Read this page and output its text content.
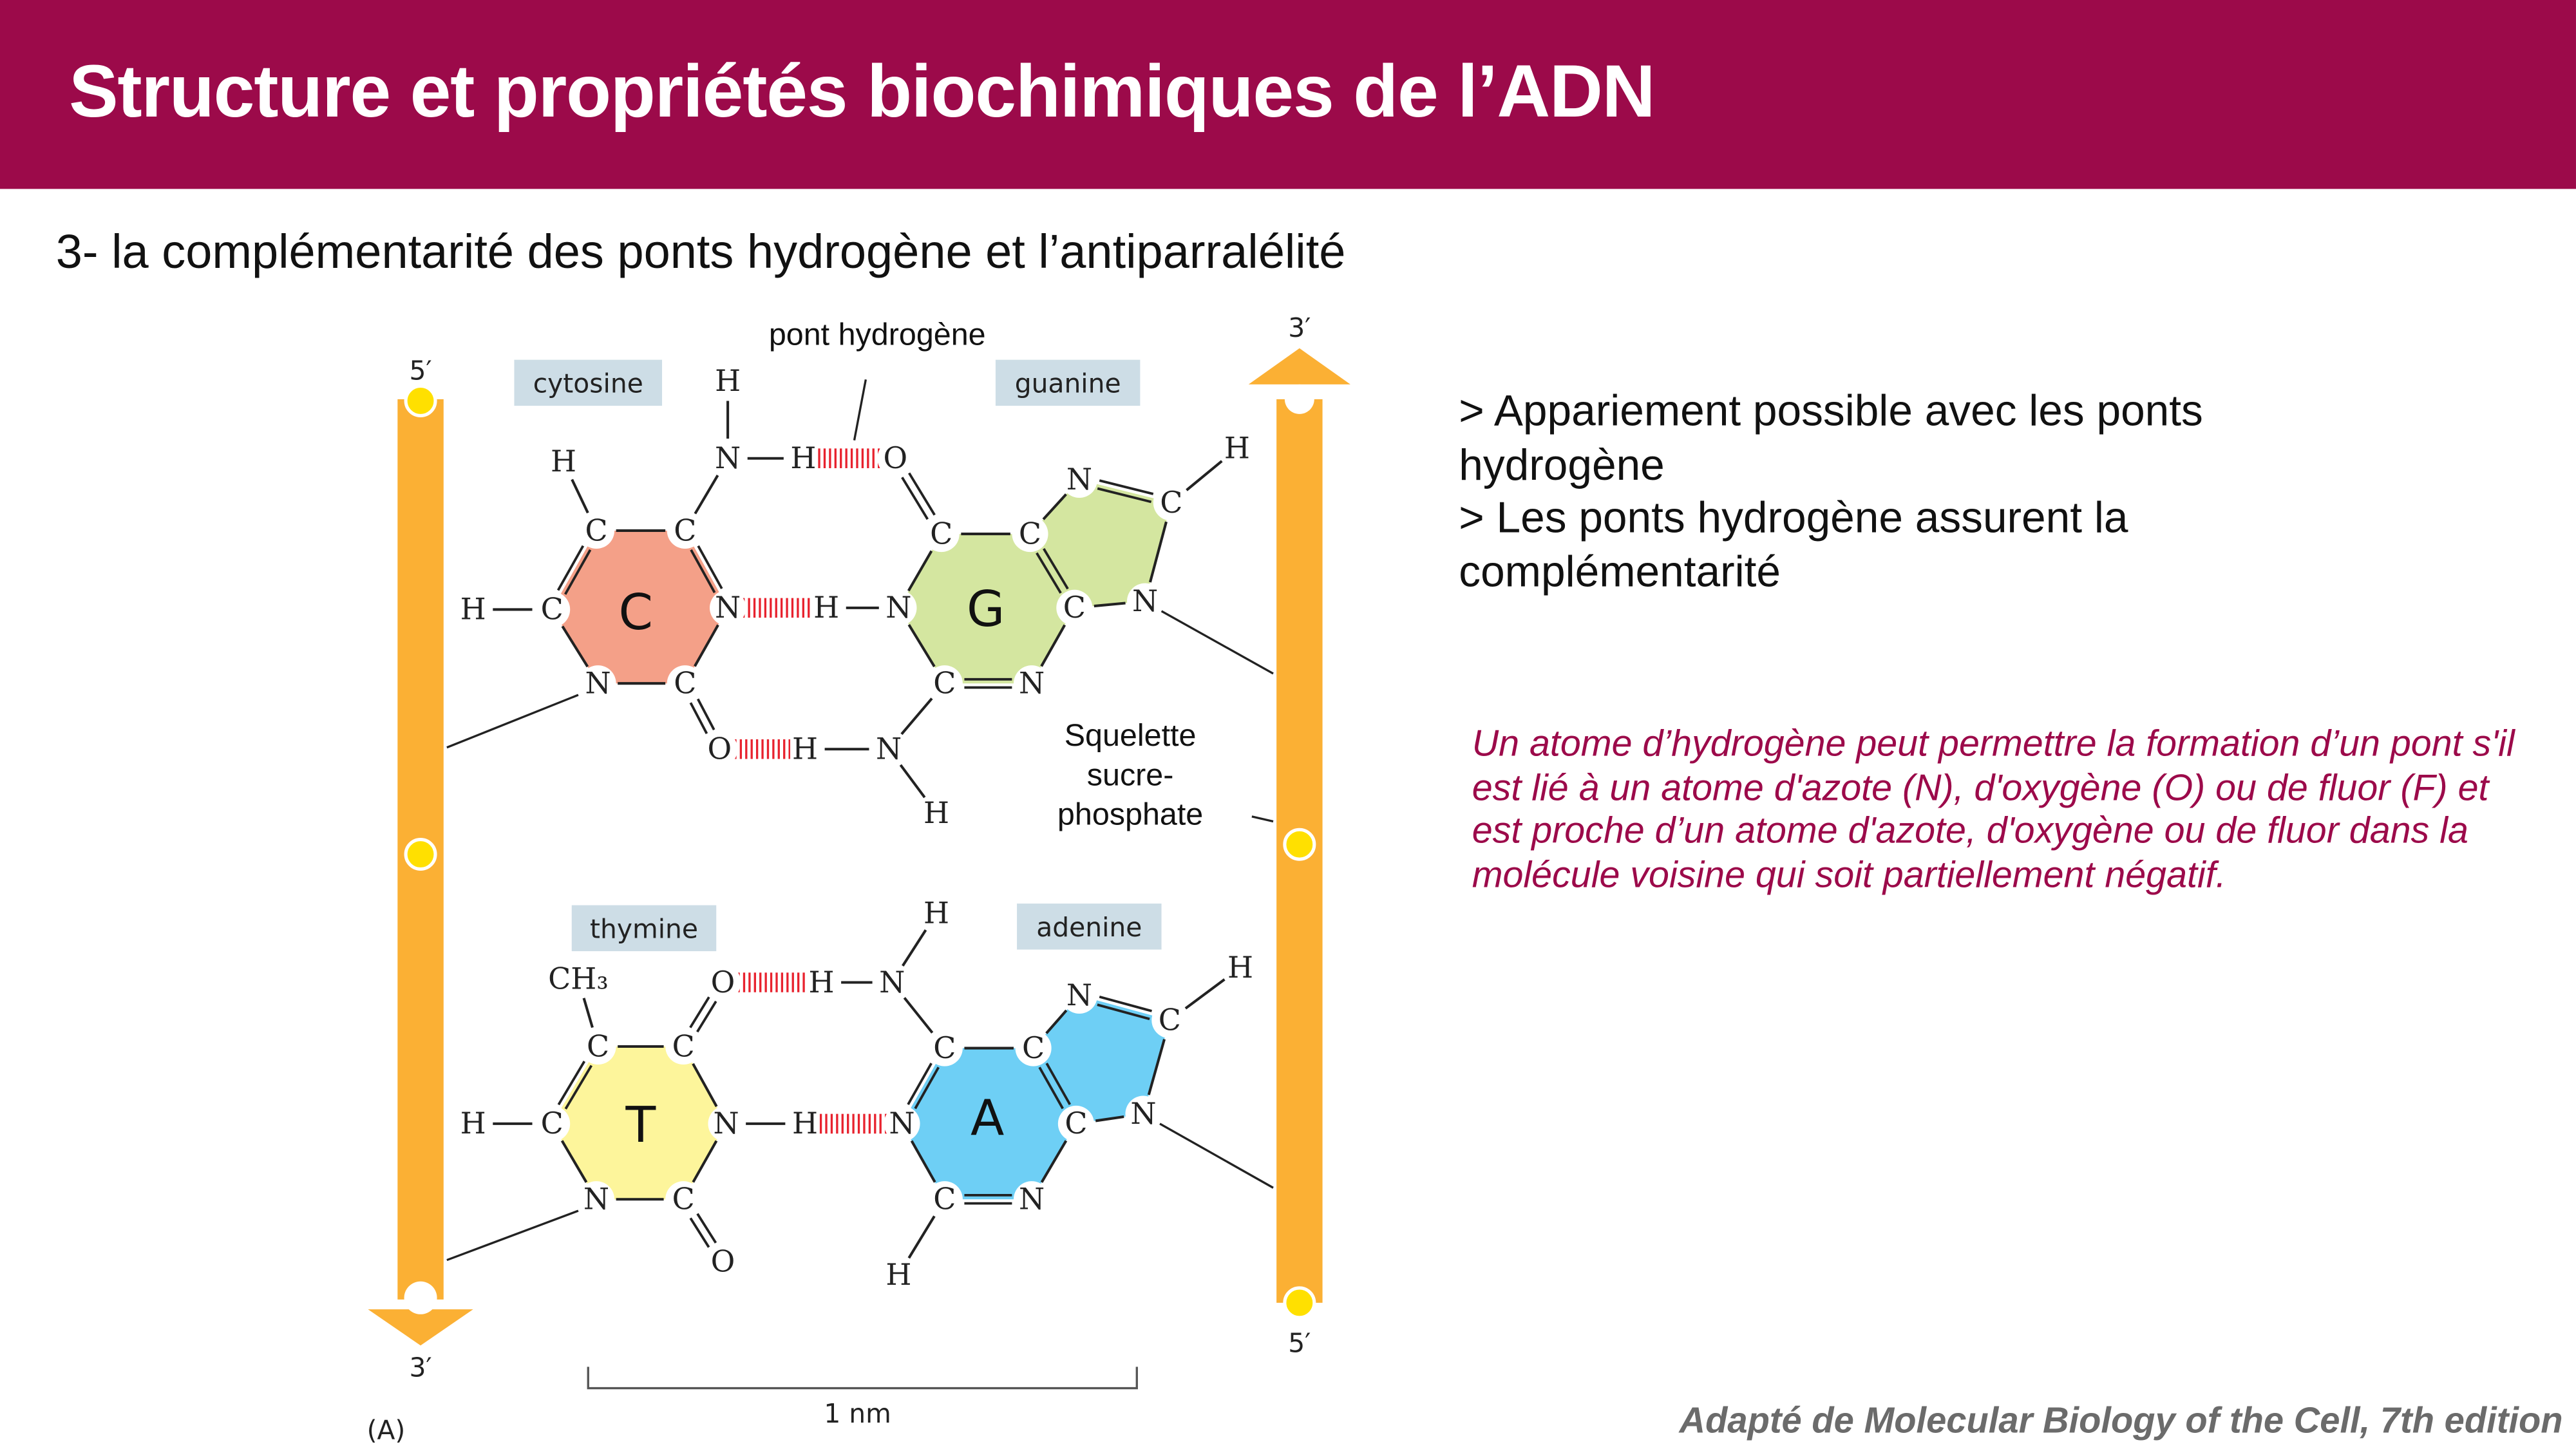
Structure et propriétés biochimiques de l’ADN
3- la complémentarité des ponts hydrogène et l’antiparralélité
5′
3′
3′
5′
cytosine	guanine
thymine	adenine
H
H
N	H	O
C	C	C	C
N
C
H
H	C	N	H	N	C	N
N	C	C	N
O	H	N
H
CH₃	O	H	N
H
C	C	C	C
N
C
H
H	C	N	H	N	C	N
N	C	C	N
O	H
C	G
T	A
pont hydrogène
Squelette
sucre-
phosphate
1 nm
(A)
> Appariement possible avec les ponts hydrogène
> Les ponts hydrogène assurent la complémentarité
Un atome d’hydrogène peut permettre la formation d’un pont s'il est lié à un atome d'azote (N), d'oxygène (O) ou de fluor (F) et est proche d’un atome d'azote, d'oxygène ou de fluor dans la molécule voisine qui soit partiellement négatif.
Adapté de Molecular Biology of the Cell, 7th edition
